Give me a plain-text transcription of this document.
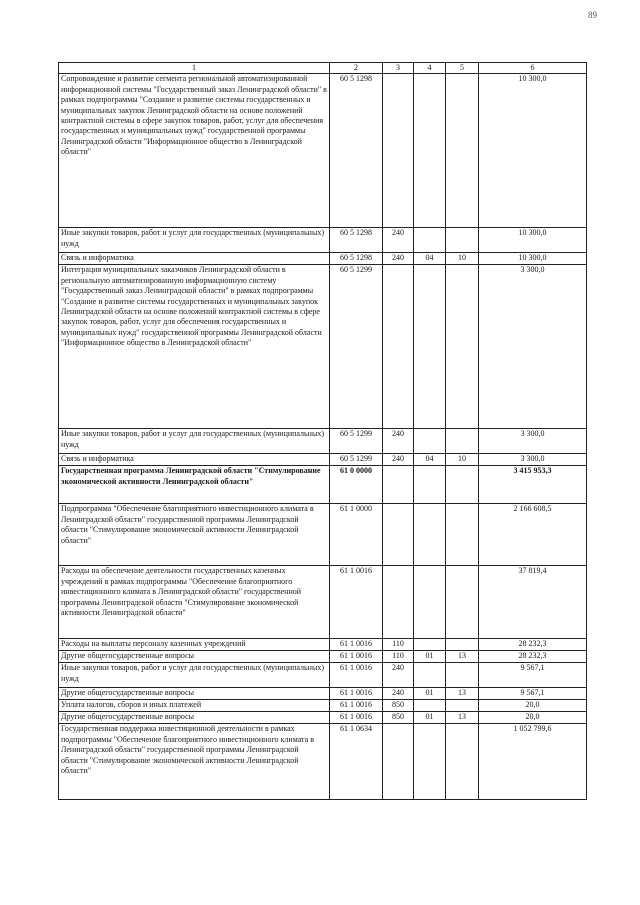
89
1	2	3	4	5	6
Сопровождение и развитие сегмента региональной автоматизированной информационной системы "Государственный заказ Ленинградской области" в рамках подпрограммы "Создание и развитие системы государственных и муниципальных закупок Ленинградской области на основе положений контрактной системы в сфере закупок товаров, работ, услуг для обеспечения государственных и муниципальных нужд" государственной программы Ленинградской области "Информационное общество в Ленинградской области"	60 5 1298				10 300,0
Иные закупки товаров, работ и услуг для государственных (муниципальных) нужд	60 5 1298	240			10 300,0
Связь и информатика	60 5 1298	240	04	10	10 300,0
Интеграция муниципальных заказчиков Ленинградской области в региональную автоматизированную информационную систему "Государственный заказ Ленинградской области" в рамках подпрограммы "Создание и развитие системы государственных и муниципальных закупок Ленинградской области на основе положений контрактной системы в сфере закупок товаров, работ, услуг для обеспечения государственных и муниципальных нужд" государственной программы Ленинградской области "Информационное общество в Ленинградской области"	60 5 1299				3 300,0
Иные закупки товаров, работ и услуг для государственных (муниципальных) нужд	60 5 1299	240			3 300,0
Связь и информатика	60 5 1299	240	04	10	3 300,0
Государственная программа Ленинградской области "Стимулирование экономической активности Ленинградской области"	61 0 0000				3 415 953,3
Подпрограмма "Обеспечение благоприятного инвестиционного климата в Ленинградской области" государственной программы Ленинградской области "Стимулирование экономической активности Ленинградской области"	61 1 0000				2 166 608,5
Расходы на обеспечение деятельности государственных казенных учреждений в рамках подпрограммы "Обеспечение благоприятного инвестиционного климата в Ленинградской области" государственной программы Ленинградской области "Стимулирование экономической активности Ленинградской области"	61 1 0016				37 819,4
Расходы на выплаты персоналу казенных учреждений	61 1 0016	110			28 232,3
Другие общегосударственные вопросы	61 1 0016	110	01	13	28 232,3
Иные закупки товаров, работ и услуг для государственных (муниципальных) нужд	61 1 0016	240			9 567,1
Другие общегосударственные вопросы	61 1 0016	240	01	13	9 567,1
Уплата налогов, сборов и иных платежей	61 1 0016	850			20,0
Другие общегосударственные вопросы	61 1 0016	850	01	13	20,0
Государственная поддержка инвестиционной деятельности в рамках подпрограммы "Обеспечение благоприятного инвестиционного климата в Ленинградской области" государственной программы Ленинградской области "Стимулирование экономической активности Ленинградской области"	61 1 0634				1 052 799,6
